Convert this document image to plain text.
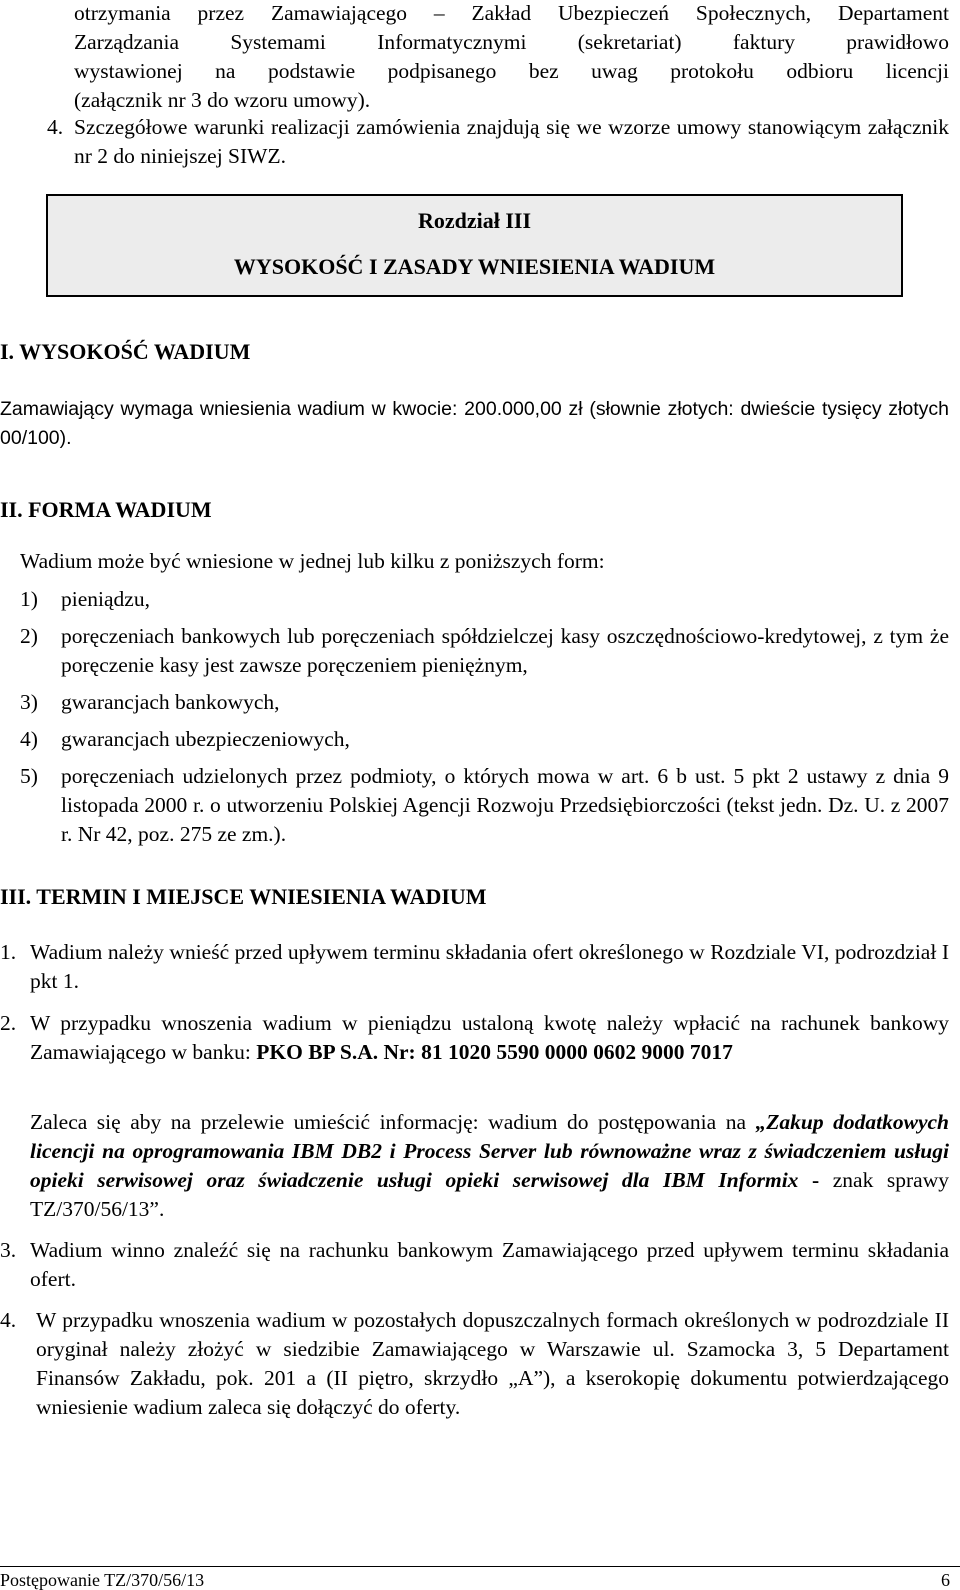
otrzymania przez Zamawiającego – Zakład Ubezpieczeń Społecznych, Departament
Zarządzania Systemami Informatycznymi (sekretariat) faktury prawidłowo
wystawionej na podstawie podpisanego bez uwag protokołu odbioru licencji
(załącznik nr 3 do wzoru umowy).
4. Szczegółowe warunki realizacji zamówienia znajdują się we wzorze umowy stanowiącym załącznik nr 2 do niniejszej SIWZ.
Rozdział III
WYSOKOŚĆ I ZASADY WNIESIENIA WADIUM
I. WYSOKOŚĆ WADIUM
Zamawiający wymaga wniesienia wadium w kwocie: 200.000,00 zł (słownie złotych: dwieście tysięcy złotych 00/100).
II. FORMA WADIUM
Wadium może być wniesione w jednej lub kilku z poniższych form:
1) pieniądzu,
2) poręczeniach bankowych lub poręczeniach spółdzielczej kasy oszczędnościowo-kredytowej, z tym że poręczenie kasy jest zawsze poręczeniem pieniężnym,
3) gwarancjach bankowych,
4) gwarancjach ubezpieczeniowych,
5) poręczeniach udzielonych przez podmioty, o których mowa w art. 6 b ust. 5 pkt 2 ustawy z dnia 9 listopada 2000 r. o utworzeniu Polskiej Agencji Rozwoju Przedsiębiorczości (tekst jedn. Dz. U. z 2007 r. Nr 42, poz. 275 ze zm.).
III. TERMIN I MIEJSCE WNIESIENIA WADIUM
1. Wadium należy wnieść przed upływem terminu składania ofert określonego w Rozdziale VI, podrozdział I pkt 1.
2. W przypadku wnoszenia wadium w pieniądzu ustaloną kwotę należy wpłacić na rachunek bankowy Zamawiającego w banku: PKO BP S.A. Nr: 81 1020 5590 0000 0602 9000 7017
Zaleca się aby na przelewie umieścić informację: wadium do postępowania na „Zakup dodatkowych licencji na oprogramowania IBM DB2 i Process Server lub równoważne wraz z świadczeniem usługi opieki serwisowej oraz świadczenie usługi opieki serwisowej dla IBM Informix - znak sprawy TZ/370/56/13”.
3. Wadium winno znaleźć się na rachunku bankowym Zamawiającego przed upływem terminu składania ofert.
4. W przypadku wnoszenia wadium w pozostałych dopuszczalnych formach określonych w podrozdziale II oryginał należy złożyć w siedzibie Zamawiającego w Warszawie ul. Szamocka 3, 5 Departament Finansów Zakładu, pok. 201 a (II piętro, skrzydło „A”), a kserokopię dokumentu potwierdzającego wniesienie wadium zaleca się dołączyć do oferty.
Postępowanie TZ/370/56/13	6
